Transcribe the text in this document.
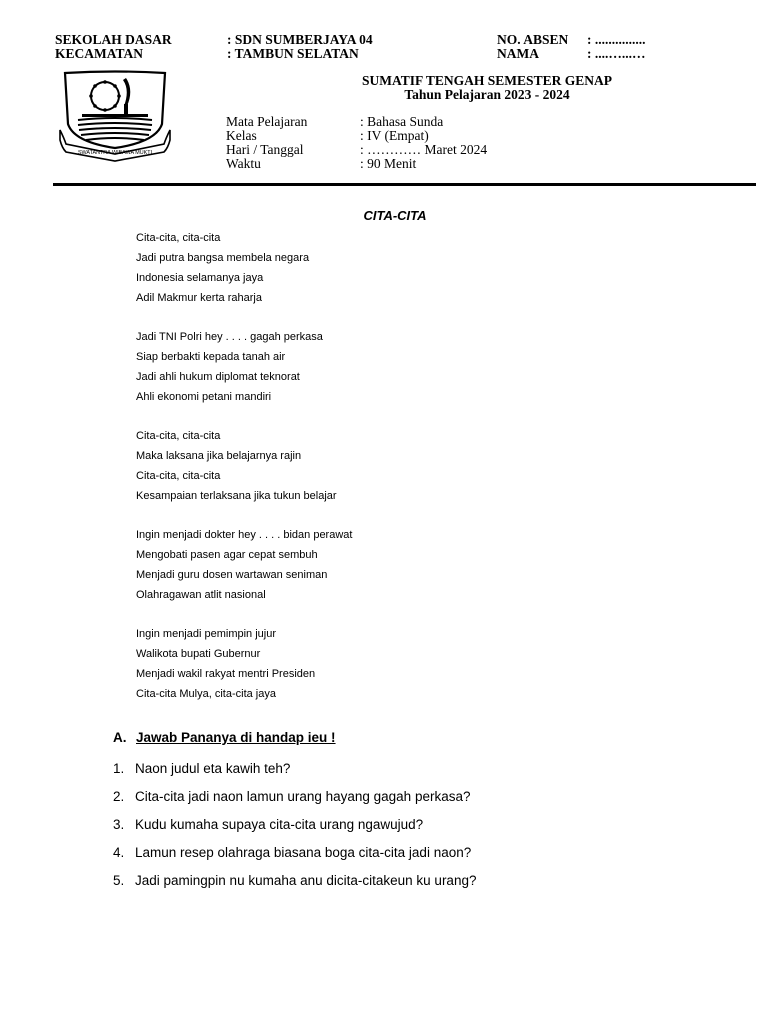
SEKOLAH DASAR	: SDN SUMBERJAYA 04	NO. ABSEN : ...............
KECAMATAN	: TAMBUN SELATAN	NAMA	: ....…...…
SWATANTRA WIBAWA MUKTI
SUMATIF TENGAH SEMESTER GENAP
Tahun Pelajaran 2023 - 2024
Mata Pelajaran	: Bahasa Sunda
Kelas	: IV (Empat)
Hari / Tanggal	: ………… Maret 2024
Waktu	: 90 Menit
CITA-CITA
Cita-cita, cita-cita
Jadi putra bangsa membela negara
Indonesia selamanya jaya
Adil Makmur kerta raharja
Jadi TNI Polri hey . . . . gagah perkasa
Siap berbakti kepada tanah air
Jadi ahli hukum diplomat teknorat
Ahli ekonomi petani mandiri
Cita-cita, cita-cita
Maka laksana jika belajarnya rajin
Cita-cita, cita-cita
Kesampaian terlaksana jika tukun belajar
Ingin menjadi dokter hey . . . . bidan perawat
Mengobati pasen agar cepat sembuh
Menjadi guru dosen wartawan seniman
Olahragawan atlit nasional
Ingin menjadi pemimpin jujur
Walikota bupati Gubernur
Menjadi wakil rakyat mentri Presiden
Cita-cita Mulya, cita-cita jaya
A. Jawab Pananya di handap ieu !
1. Naon judul eta kawih teh?
2. Cita-cita jadi naon lamun urang hayang gagah perkasa?
3. Kudu kumaha supaya cita-cita urang ngawujud?
4. Lamun resep olahraga biasana boga cita-cita jadi naon?
5. Jadi pamingpin nu kumaha anu dicita-citakeun ku urang?
